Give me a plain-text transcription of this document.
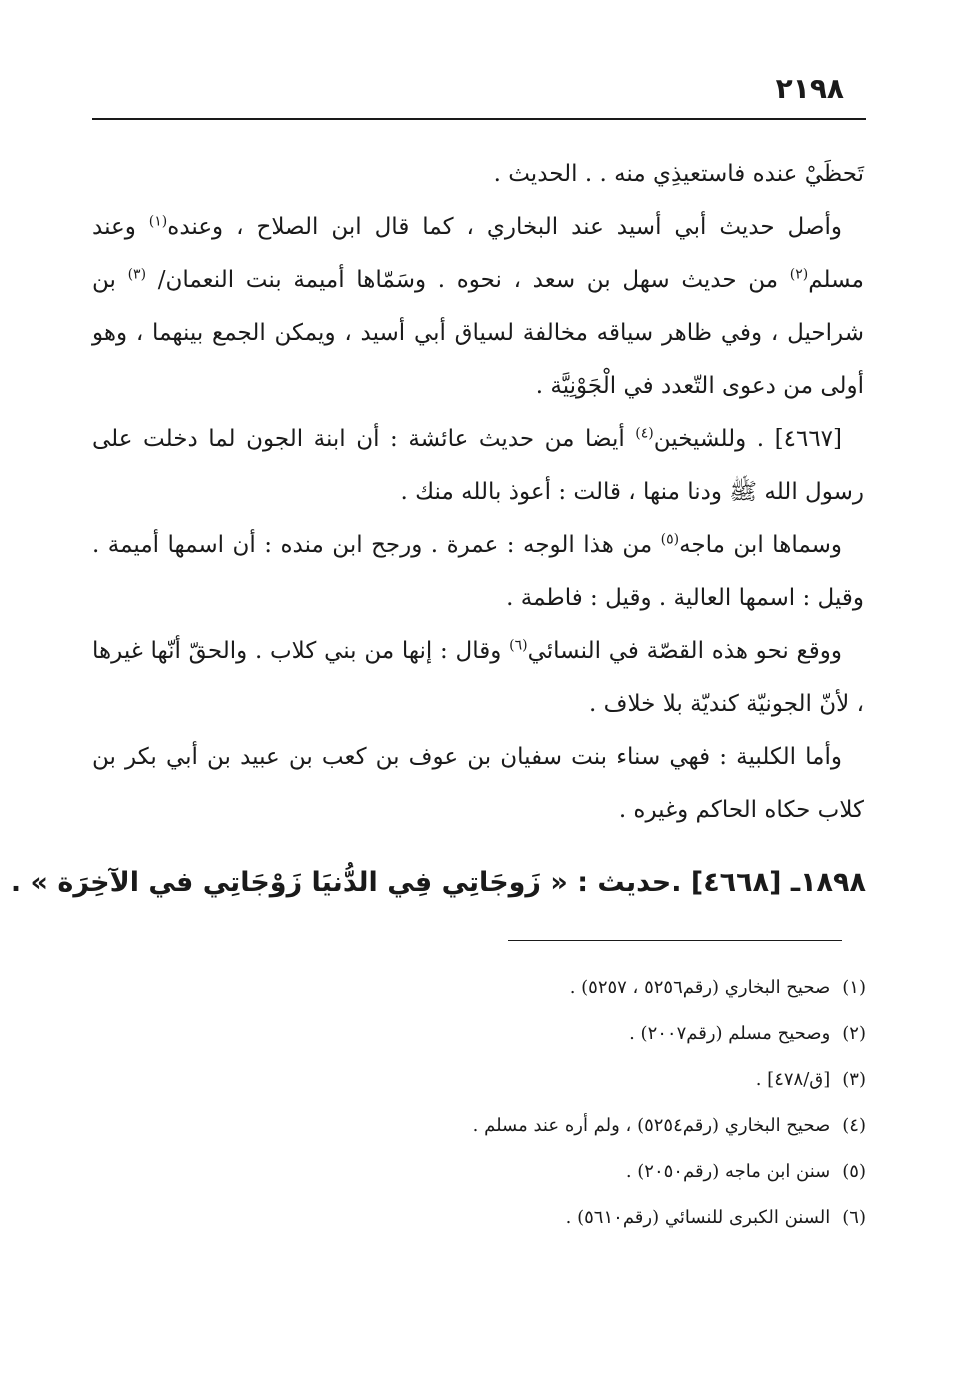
٢١٩٨

تَحظَيْ عنده فاستعيذِي منه . . الحديث .

وأصل حديث أبي أسيد عند البخاري ، كما قال ابن الصلاح ، وعنده$^{(١)}$ وعند مسلم$^{(٢)}$ من حديث سهل بن سعد ، نحوه . وسَمّاها أميمة بنت النعمان/ $^{(٣)}$ بن شراحيل ، وفي ظاهر سياقه مخالفة لسياق أبي أسيد ، ويمكن الجمع بينهما ، وهو أولى من دعوى التّعدد في الْجَوْنِيَّة .

[٤٦٦٧] . وللشيخين$^{(٤)}$ أيضا من حديث عائشة : أن ابنة الجون لما دخلت على رسول الله ﷺ ودنا منها ، قالت : أعوذ بالله منك .

وسماها ابن ماجه$^{(٥)}$ من هذا الوجه : عمرة . ورجح ابن منده : أن اسمها أميمة . وقيل : اسمها العالية . وقيل : فاطمة .

ووقع نحو هذه القصّة في النسائي$^{(٦)}$ وقال : إنها من بني كلاب . والحقّ أنّها غيرها ، لأنّ الجونيّة كنديّة بلا خلاف .

وأما الكلبية : فهي سناء بنت سفيان بن عوف بن كعب بن عبيد بن أبي بكر بن كلاب حكاه الحاكم وغيره .

١٨٩٨ـ [٤٦٦٨] .حديث : « زَوجَاتِي فِي الدُّنيَا زَوْجَاتِي في الآخِرَة » .
(١)صحيح البخاري (رقم٥٢٥٦ ، ٥٢٥٧) .
(٢)وصحيح مسلم (رقم٢٠٠٧) .
(٣)[ق/٤٧٨] .
(٤)صحيح البخاري (رقم٥٢٥٤) ، ولم أره عند مسلم .
(٥)سنن ابن ماجه (رقم٢٠٥٠) .
(٦)السنن الكبرى للنسائي (رقم٥٦١٠) .
